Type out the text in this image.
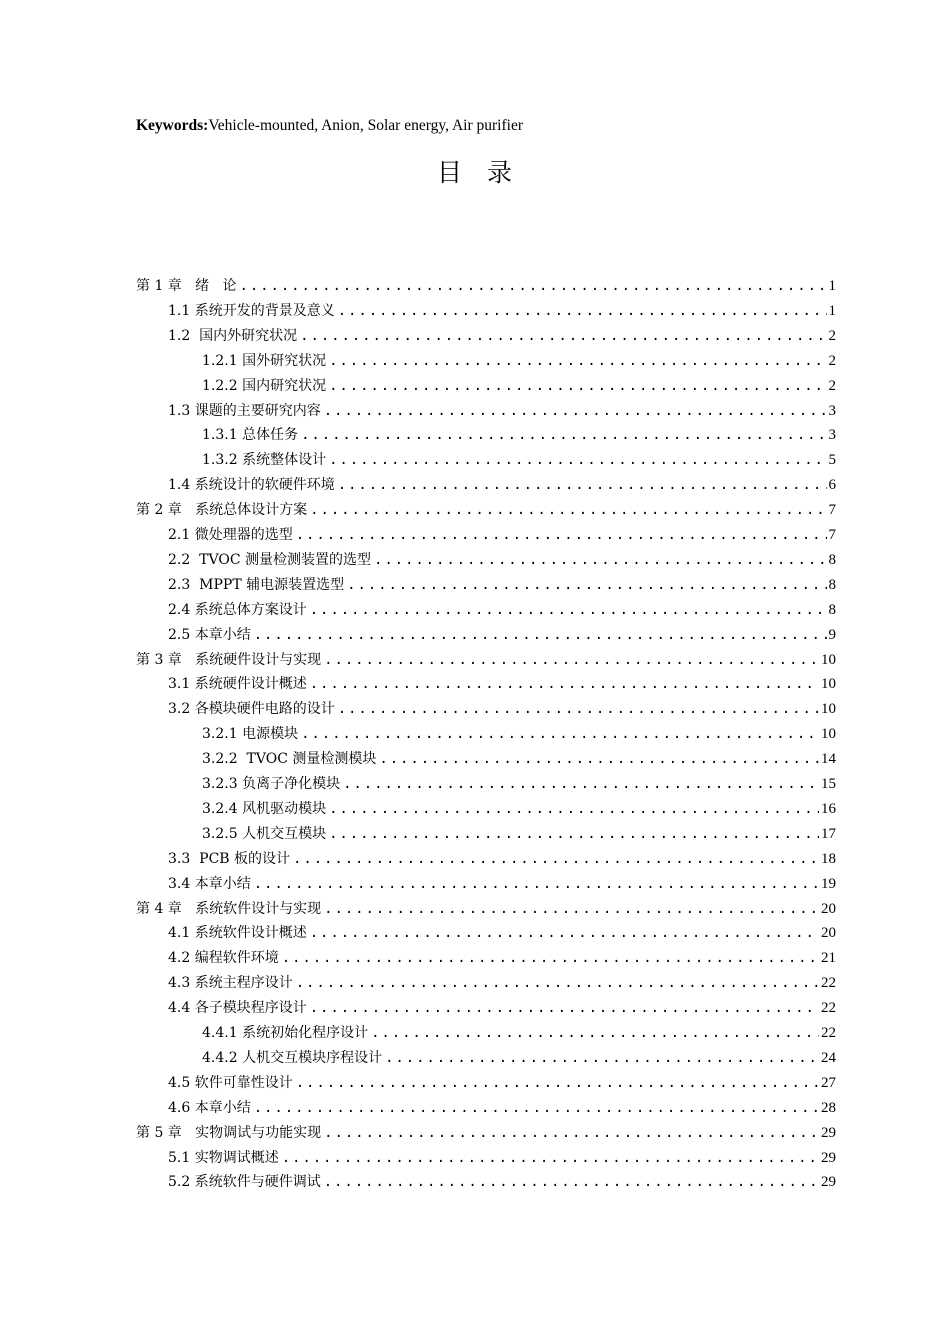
Keywords:Vehicle-mounted, Anion, Solar energy, Air purifier
目 录
第 1 章   绪   论 .....	1
1.1 系统开发的背景及意义 .....	1
1.2  国内外研究状况 .....	2
1.2.1 国外研究状况 .....	2
1.2.2 国内研究状况 .....	2
1.3 课题的主要研究内容 .....	3
1.3.1 总体任务 .....	3
1.3.2 系统整体设计 .....	5
1.4 系统设计的软硬件环境 .....	6
第 2 章   系统总体设计方案 .....	7
2.1 微处理器的选型 .....	7
2.2  TVOC 测量检测装置的选型 .....	8
2.3  MPPT 辅电源装置选型 .....	8
2.4 系统总体方案设计 .....	8
2.5 本章小结 .....	9
第 3 章   系统硬件设计与实现 .....	10
3.1 系统硬件设计概述 .....	10
3.2 各模块硬件电路的设计 .....	10
3.2.1 电源模块 .....	10
3.2.2  TVOC 测量检测模块 .....	14
3.2.3 负离子净化模块 .....	15
3.2.4 风机驱动模块 .....	16
3.2.5 人机交互模块 .....	17
3.3  PCB 板的设计 .....	18
3.4 本章小结 .....	19
第 4 章   系统软件设计与实现 .....	20
4.1 系统软件设计概述 .....	20
4.2 编程软件环境 .....	21
4.3 系统主程序设计 .....	22
4.4 各子模块程序设计 .....	22
4.4.1 系统初始化程序设计 .....	22
4.4.2 人机交互模块序程设计 .....	24
4.5 软件可靠性设计 .....	27
4.6 本章小结 .....	28
第 5 章   实物调试与功能实现 .....	29
5.1 实物调试概述 .....	29
5.2 系统软件与硬件调试 .....	29
